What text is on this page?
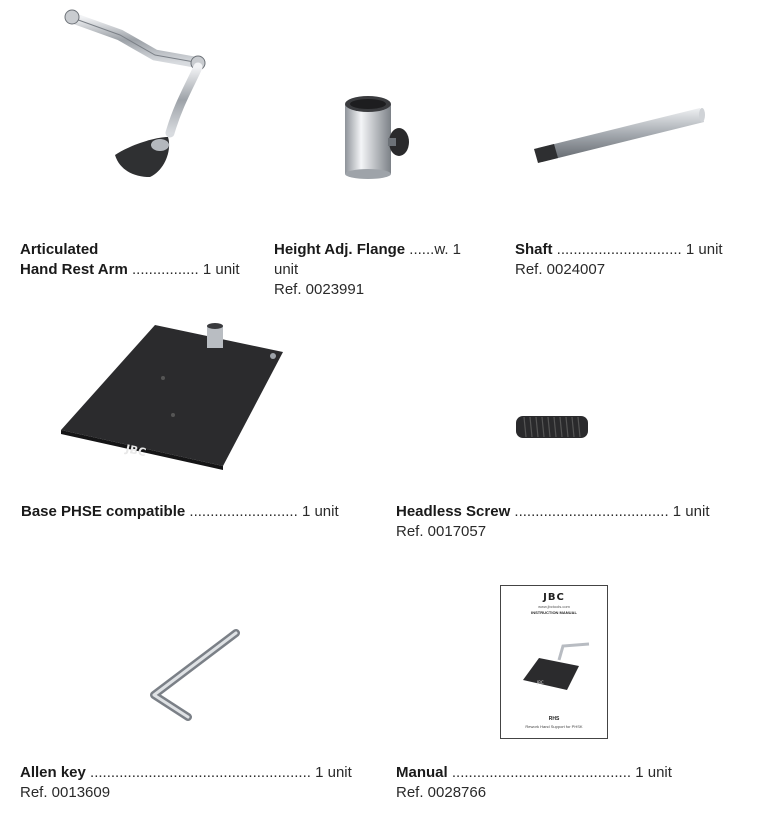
JBC
JBC
www.jbctools.com
INSTRUCTION MANUAL
JBC
RHS
Rework Hand Support for PHSK
Articulated
Hand Rest Arm ................ 1 unit
Height Adj. Flange ......w. 1
unit
Ref. 0023991
Shaft .............................. 1 unit
Ref. 0024007
Base PHSE compatible .......................... 1 unit	Headless Screw ..................................... 1 unit
Ref. 0017057
Allen key ..................................................... 1 unit
Ref. 0013609
Manual ........................................... 1 unit
Ref. 0028766
